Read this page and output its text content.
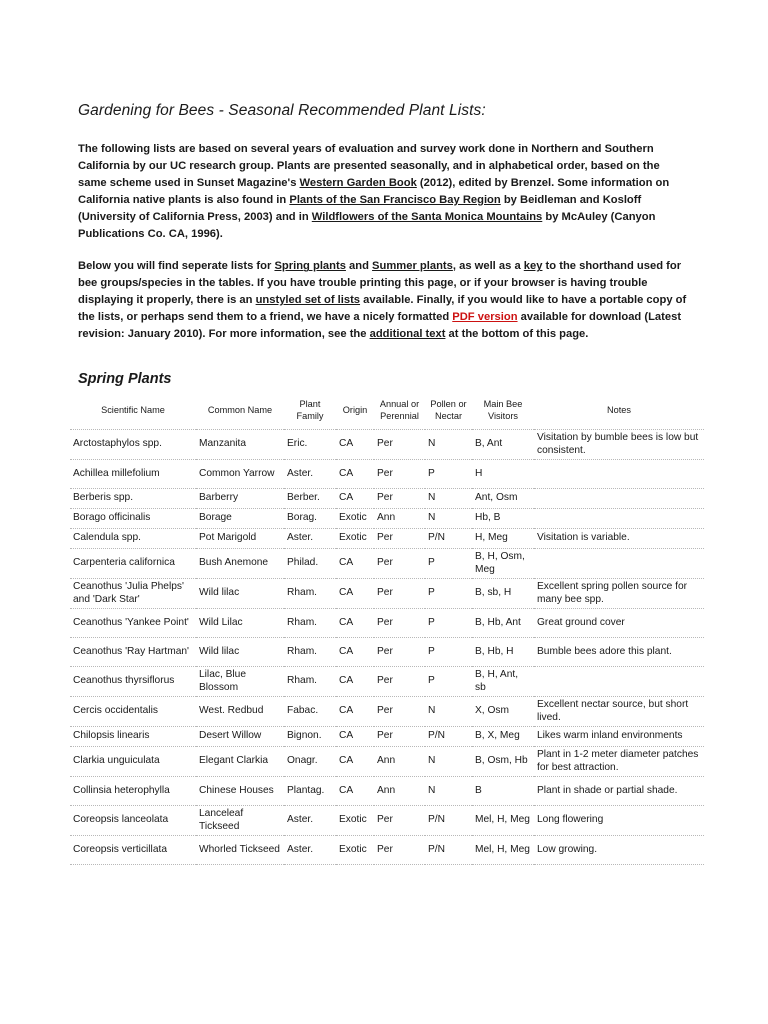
Gardening for Bees - Seasonal Recommended Plant Lists:

The following lists are based on several years of evaluation and survey work done in Northern and Southern California by our UC research group. Plants are presented seasonally, and in alphabetical order, based on the same scheme used in Sunset Magazine's Western Garden Book (2012), edited by Brenzel. Some information on California native plants is also found in Plants of the San Francisco Bay Region by Beidleman and Kosloff (University of California Press, 2003) and in Wildflowers of the Santa Monica Mountains by McAuley (Canyon Publications Co. CA, 1996).

Below you will find seperate lists for Spring plants and Summer plants, as well as a key to the shorthand used for bee groups/species in the tables. If you have trouble printing this page, or if your browser is having trouble displaying it properly, there is an unstyled set of lists available. Finally, if you would like to have a portable copy of the lists, or perhaps send them to a friend, we have a nicely formatted PDF version available for download (Latest revision: January 2010). For more information, see the additional text at the bottom of this page.

Spring Plants
Scientific Name	Common Name	Plant Family	Origin	Annual or Perennial	Pollen or Nectar	Main Bee Visitors	Notes
Arctostaphylos spp.	Manzanita	Eric.	CA	Per	N	B, Ant	Visitation by bumble bees is low but consistent.
Achillea millefolium	Common Yarrow	Aster.	CA	Per	P	H	
Berberis spp.	Barberry	Berber.	CA	Per	N	Ant, Osm	
Borago officinalis	Borage	Borag.	Exotic	Ann	N	Hb, B	
Calendula spp.	Pot Marigold	Aster.	Exotic	Per	P/N	H, Meg	Visitation is variable.
Carpenteria californica	Bush Anemone	Philad.	CA	Per	P	B, H, Osm, Meg	
Ceanothus 'Julia Phelps' and 'Dark Star'	Wild lilac	Rham.	CA	Per	P	B, sb, H	Excellent spring pollen source for many bee spp.
Ceanothus 'Yankee Point'	Wild Lilac	Rham.	CA	Per	P	B, Hb, Ant	Great ground cover
Ceanothus 'Ray Hartman'	Wild lilac	Rham.	CA	Per	P	B, Hb, H	Bumble bees adore this plant.
Ceanothus thyrsiflorus	Lilac, Blue Blossom	Rham.	CA	Per	P	B, H, Ant, sb	
Cercis occidentalis	West. Redbud	Fabac.	CA	Per	N	X, Osm	Excellent nectar source, but short lived.
Chilopsis linearis	Desert Willow	Bignon.	CA	Per	P/N	B, X, Meg	Likes warm inland environments
Clarkia unguiculata	Elegant Clarkia	Onagr.	CA	Ann	N	B, Osm, Hb	Plant in 1-2 meter diameter patches for best attraction.
Collinsia heterophylla	Chinese Houses	Plantag.	CA	Ann	N	B	Plant in shade or partial shade.
Coreopsis lanceolata	Lanceleaf Tickseed	Aster.	Exotic	Per	P/N	Mel, H, Meg	Long flowering
Coreopsis verticillata	Whorled Tickseed	Aster.	Exotic	Per	P/N	Mel, H, Meg	Low growing.
